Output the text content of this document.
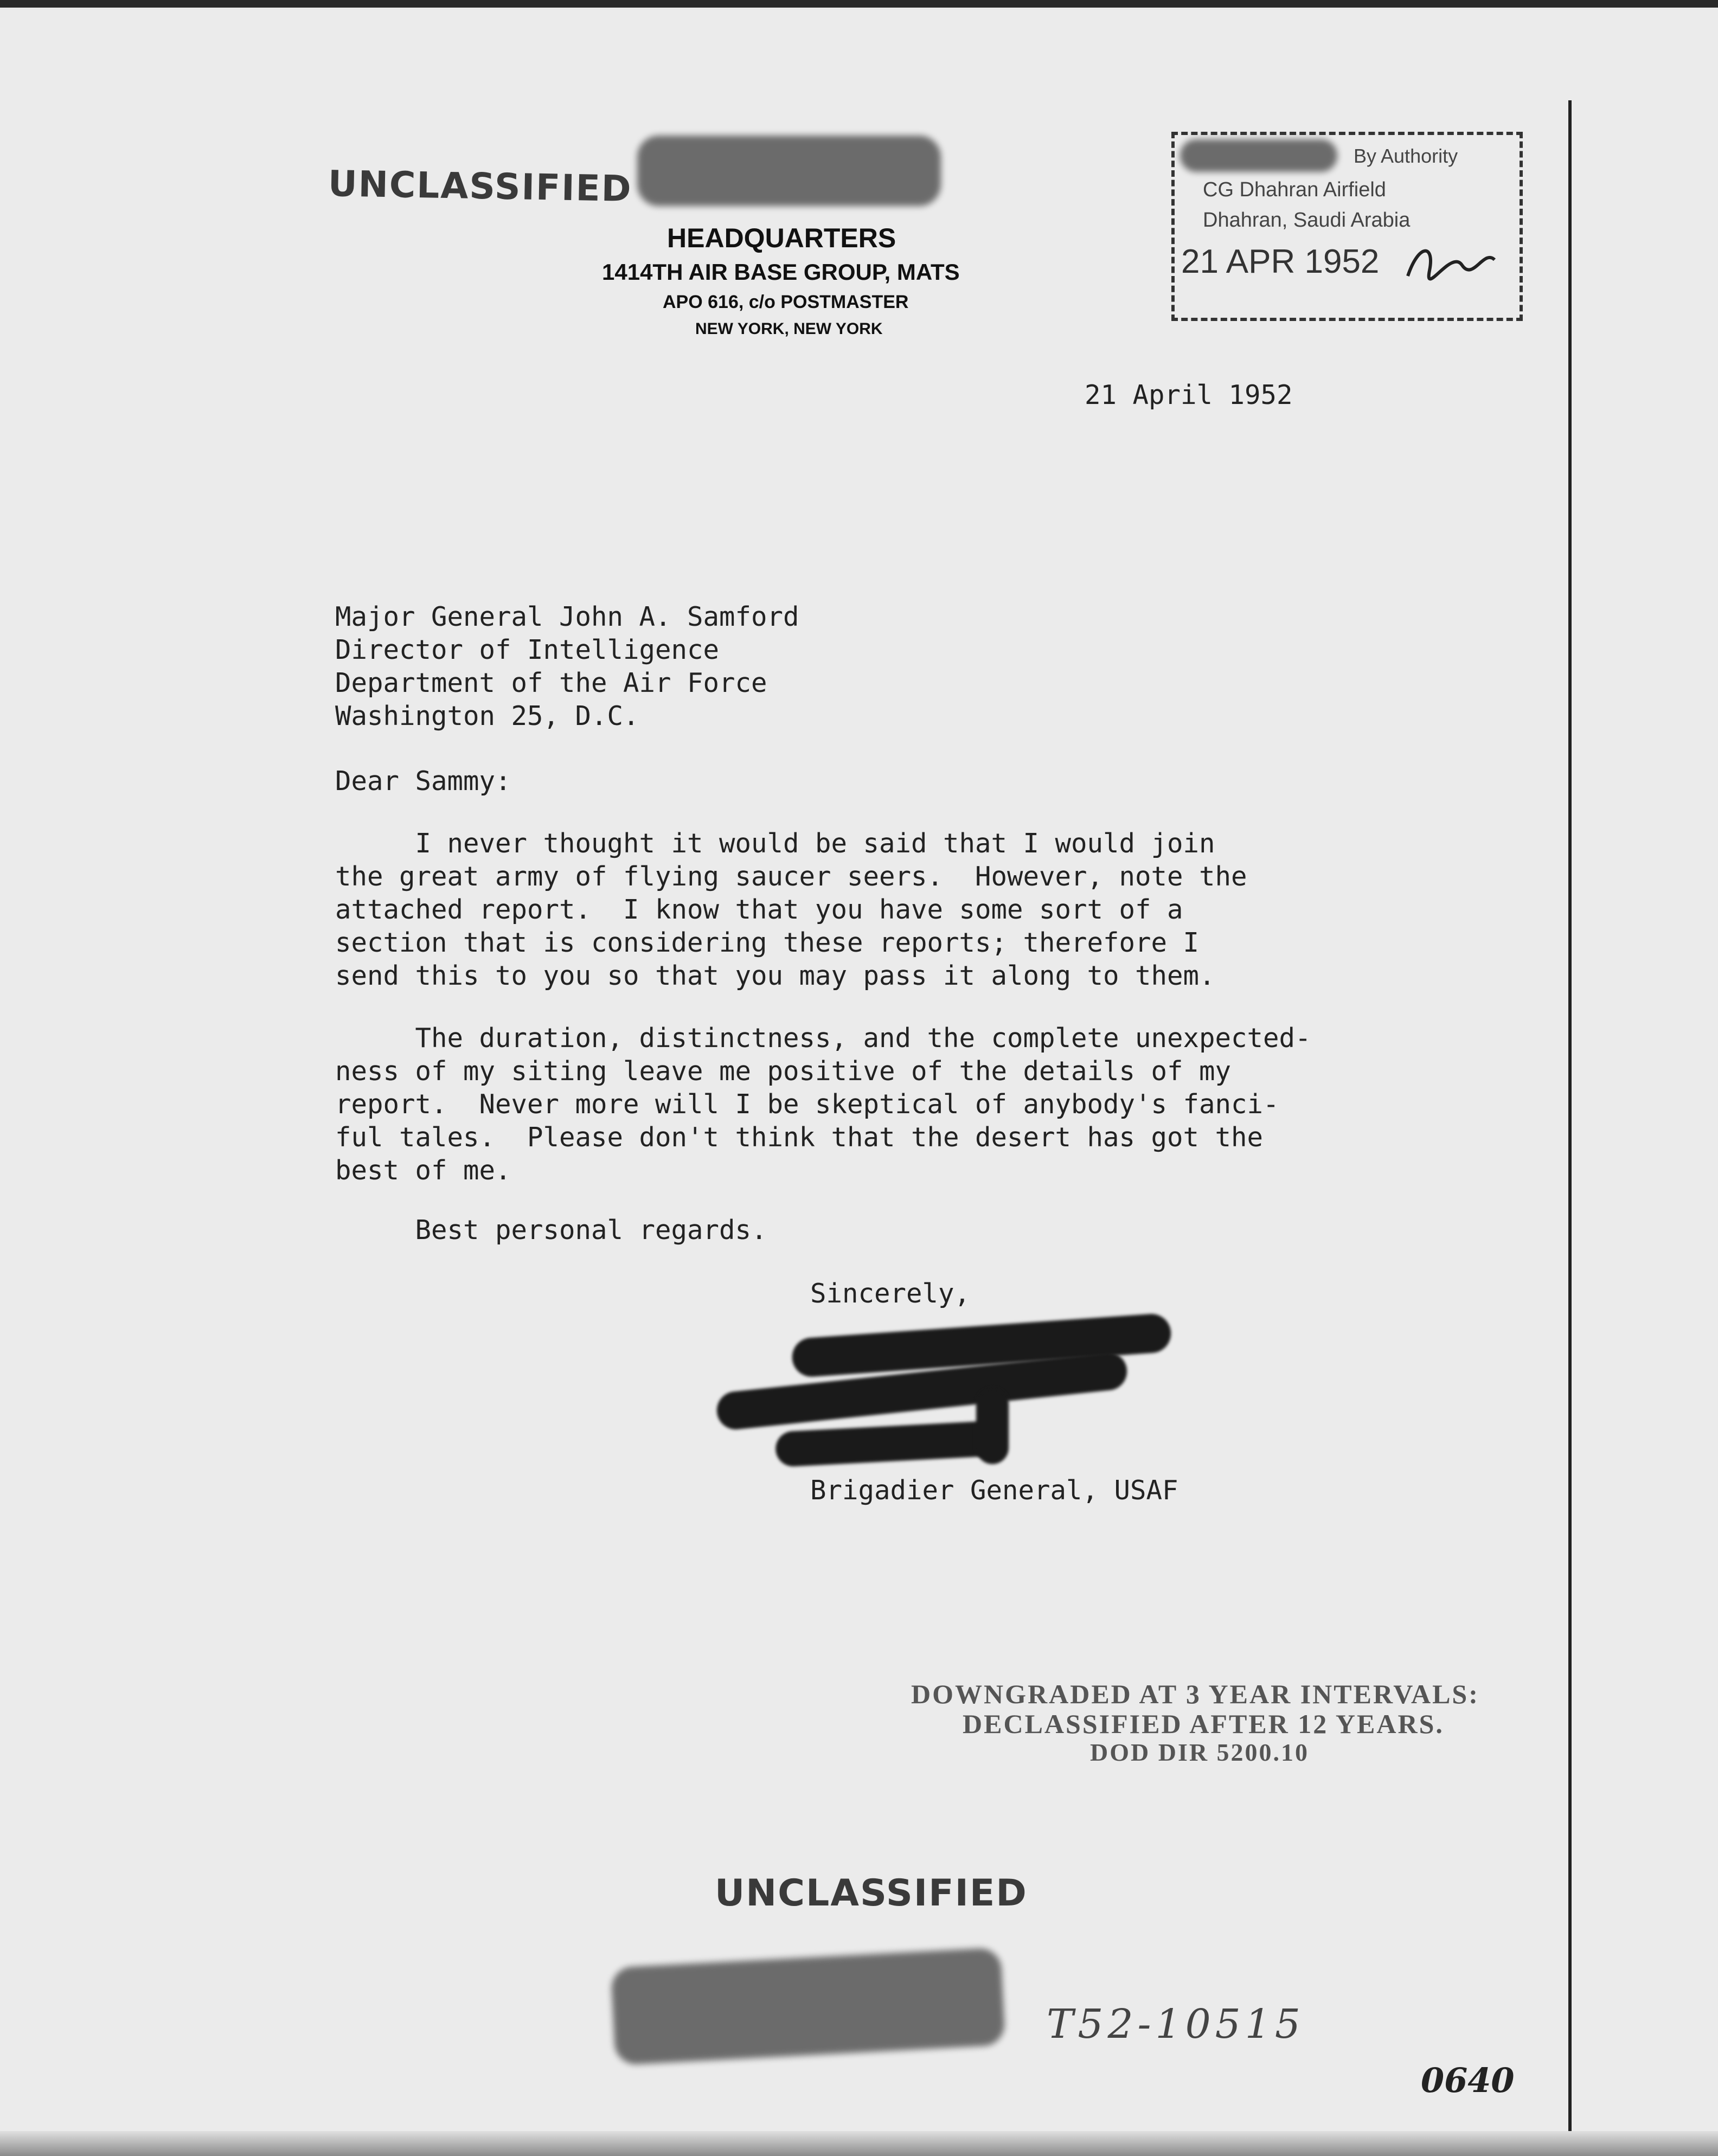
UNCLASSIFIED
HEADQUARTERS
1414TH AIR BASE GROUP, MATS
APO 616, c/o POSTMASTER
NEW YORK, NEW YORK
By Authority
CG Dhahran Airfield
Dhahran, Saudi Arabia
21 APR 1952
21 April 1952
Major General John A. Samford
Director of Intelligence
Department of the Air Force
Washington 25, D.C.
Dear Sammy:
I never thought it would be said that I would join
the great army of flying saucer seers.  However, note the
attached report.  I know that you have some sort of a
section that is considering these reports; therefore I
send this to you so that you may pass it along to them.
The duration, distinctness, and the complete unexpected-
ness of my siting leave me positive of the details of my
report.  Never more will I be skeptical of anybody's fanci-
ful tales.  Please don't think that the desert has got the
best of me.
Best personal regards.
Sincerely,
Brigadier General, USAF
DOWNGRADED AT 3 YEAR INTERVALS:
DECLASSIFIED AFTER 12 YEARS.
DOD DIR 5200.10
UNCLASSIFIED
T52-10515
0640
